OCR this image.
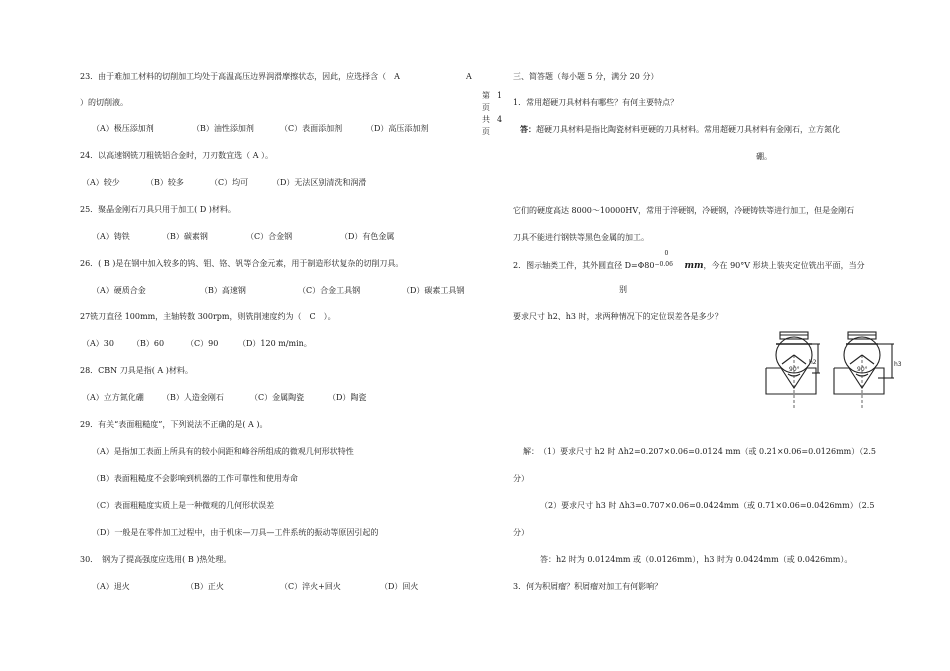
23．由于难加工材料的切削加工均处于高温高压边界润滑摩擦状态，因此，应选择含（　A	A
）的切削液。
（A）极压添加剂	（B）油性添加剂	（C）表面添加剂	（D）高压添加剂
24．以高速钢铣刀粗铣铝合金时，刀刃数宜选（ A ）。
（A）较少	（B）较多	（C）均可	（D）无法区别清洗和润滑
25．聚晶金刚石刀具只用于加工( D )材料。
（A）铸铁	（B）碳素钢	（C）合金钢	（D）有色金属
26．( B )是在钢中加入较多的钨、钼、铬、钒等合金元素，用于制造形状复杂的切削刀具。
（A）硬质合金	（B）高速钢	（C）合金工具钢	（D）碳素工具钢
27铣刀直径 100mm，主轴转数 300rpm，则铣削速度约为（　C　）。
（A）30 （B）60	（C）90 （D）120 m/min。
28．CBN 刀具是指( A )材料。
（A）立方氮化硼 （B）人造金刚石	（C）金属陶瓷	（D）陶瓷
29．有关“表面粗糙度”，下列说法不正确的是( A )。
（A）是指加工表面上所具有的较小间距和峰谷所组成的微观几何形状特性
（B）表面粗糙度不会影响到机器的工作可靠性和使用寿命
（C）表面粗糙度实质上是一种微观的几何形状误差
（D）一般是在零件加工过程中，由于机床—刀具—工件系统的振动等原因引起的
30．　钢为了提高强度应选用( B )热处理。
（A）退火	（B）正火	（C）淬火+回火	（D）回火
第 1
页
共 4
页
三、简答题（每小题 5 分，满分 20 分）
1．常用超硬刀具材料有哪些？有何主要特点？
答：超硬刀具材料是指比陶瓷材料更硬的刀具材料。常用超硬刀具材料有金刚石，立方氮化
硼。
它们的硬度高达 8000～10000HV，常用于淬硬钢，冷硬钢，冷硬铸铁等进行加工，但是金刚石
刀具不能进行钢铁等黑色金属的加工。
2．图示轴类工件，其外圆直径 D=Φ80
0
−0.06 mm，今在 90°V 形块上装夹定位铣出平面，当分
别
要求尺寸 h2、h3 时，求两种情况下的定位误差各是多少？
h2	h3
90°	90°
解： （1）要求尺寸 h2 时 Δh2=0.207×0.06=0.0124 mm（或 0.21×0.06=0.0126mm）（2.5
分）
（2）要求尺寸 h3 时 Δh3=0.707×0.06=0.0424mm（或 0.71×0.06=0.0426mm）（2.5
分）
答：h2 时为 0.0124mm 或（0.0126mm），h3 时为 0.0424mm（或 0.0426mm）。
3．何为积屑瘤？积屑瘤对加工有何影响？
